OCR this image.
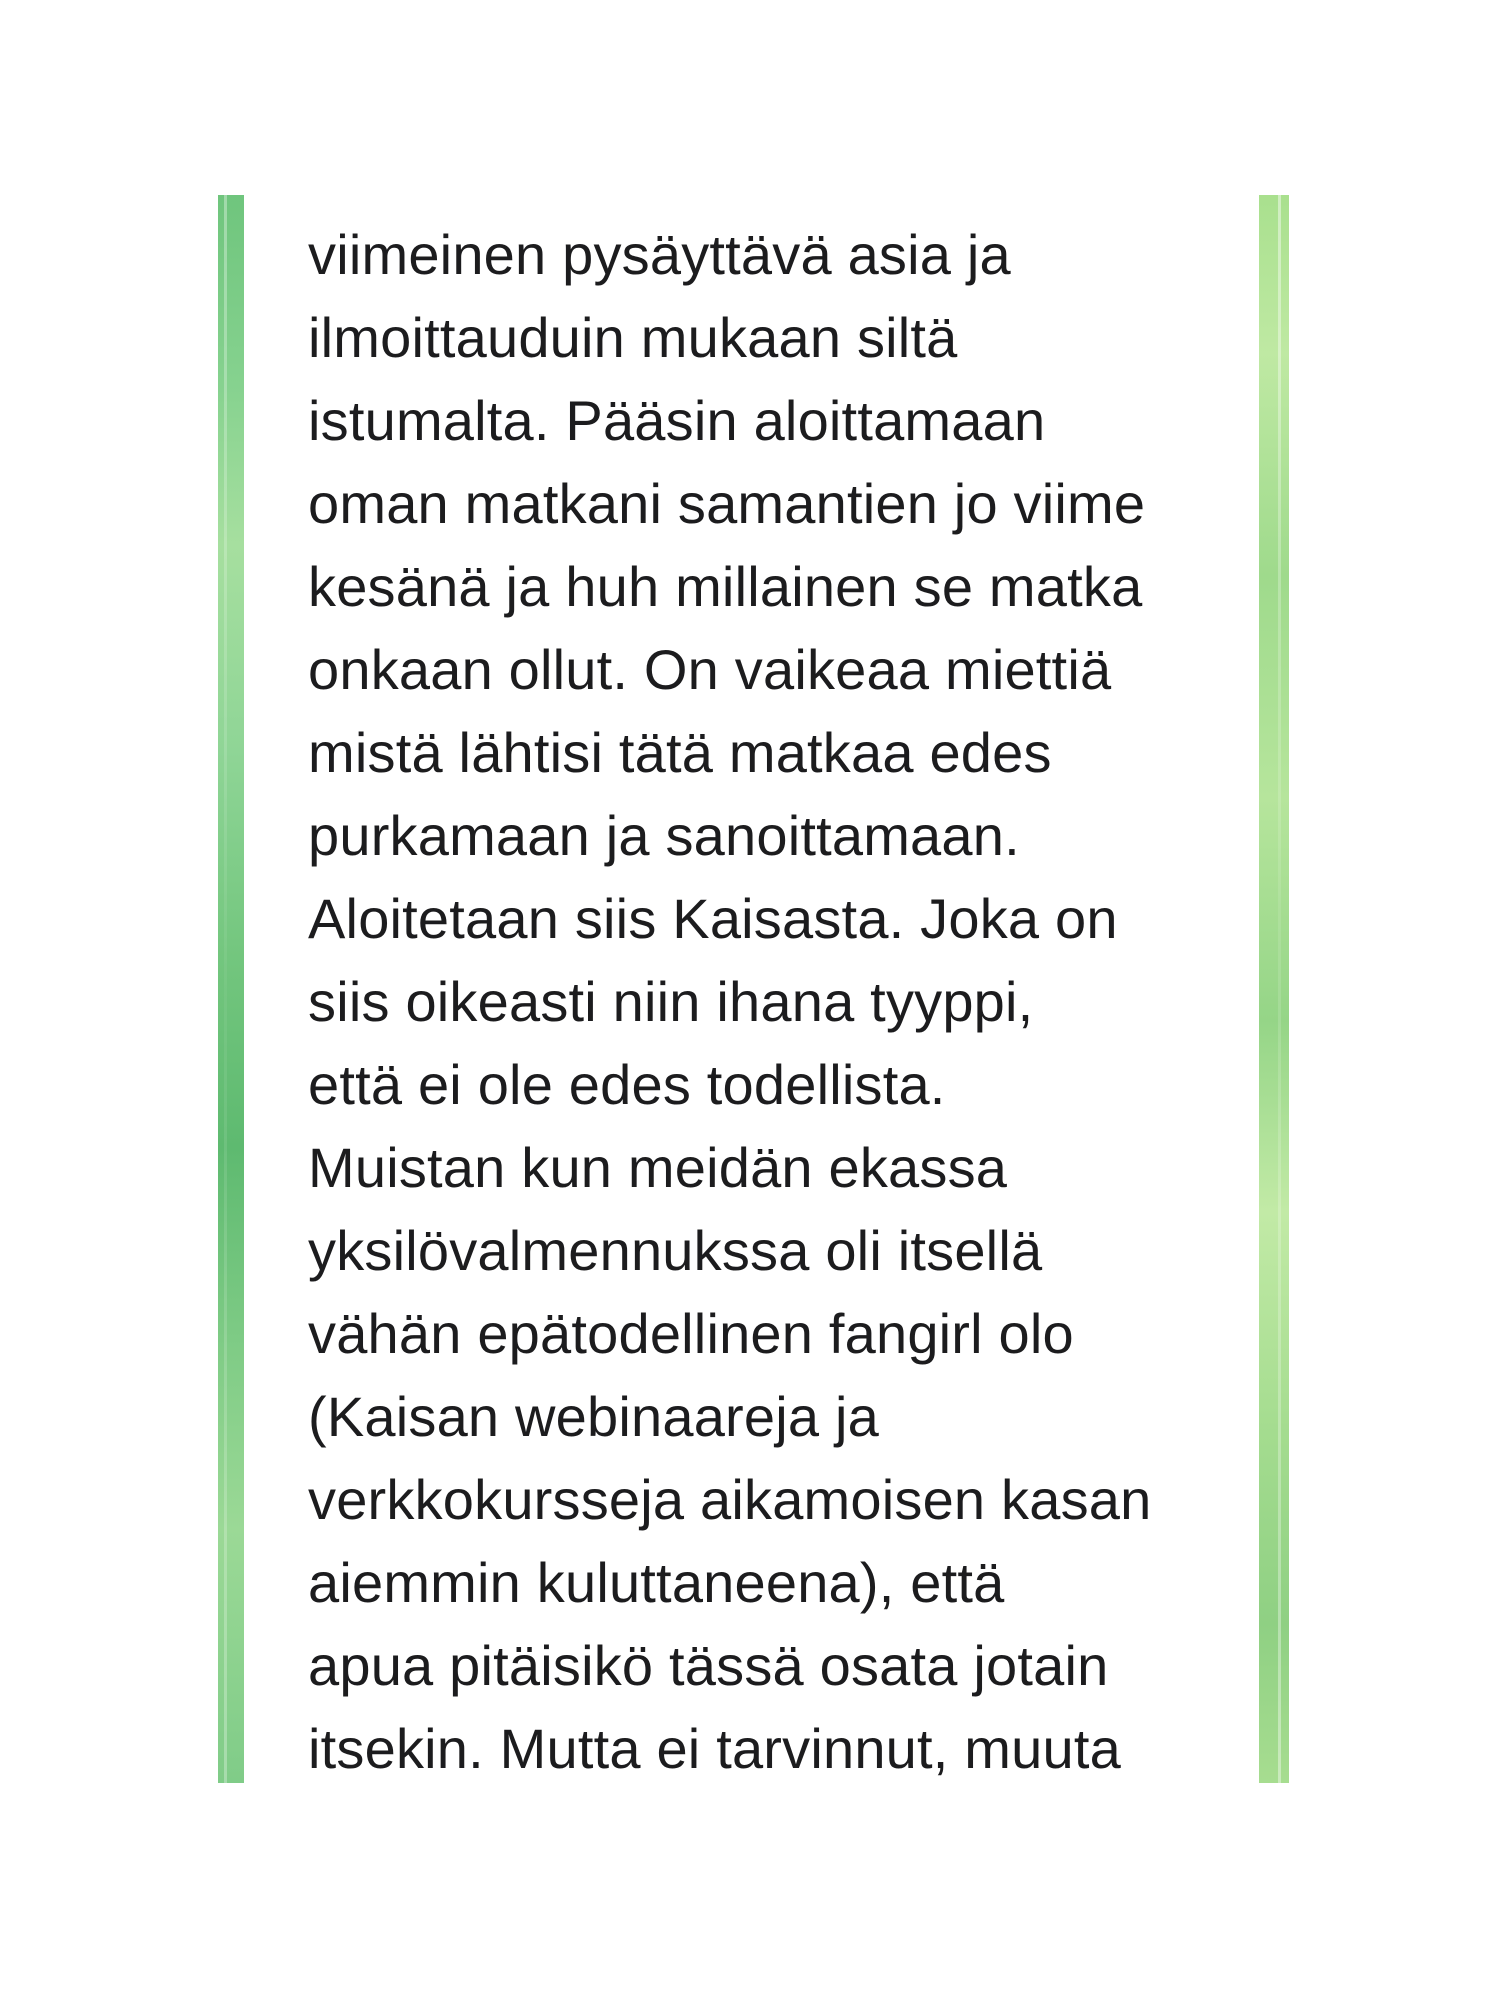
viimeinen pysäyttävä asia ja
ilmoittauduin mukaan siltä
istumalta. Pääsin aloittamaan
oman matkani samantien jo viime
kesänä ja huh millainen se matka
onkaan ollut. On vaikeaa miettiä
mistä lähtisi tätä matkaa edes
purkamaan ja sanoittamaan.
Aloitetaan siis Kaisasta. Joka on
siis oikeasti niin ihana tyyppi,
että ei ole edes todellista.
Muistan kun meidän ekassa
yksilövalmennukssa oli itsellä
vähän epätodellinen fangirl olo
(Kaisan webinaareja ja
verkkokursseja aikamoisen kasan
aiemmin kuluttaneena), että
apua pitäisikö tässä osata jotain
itsekin. Mutta ei tarvinnut, muuta
